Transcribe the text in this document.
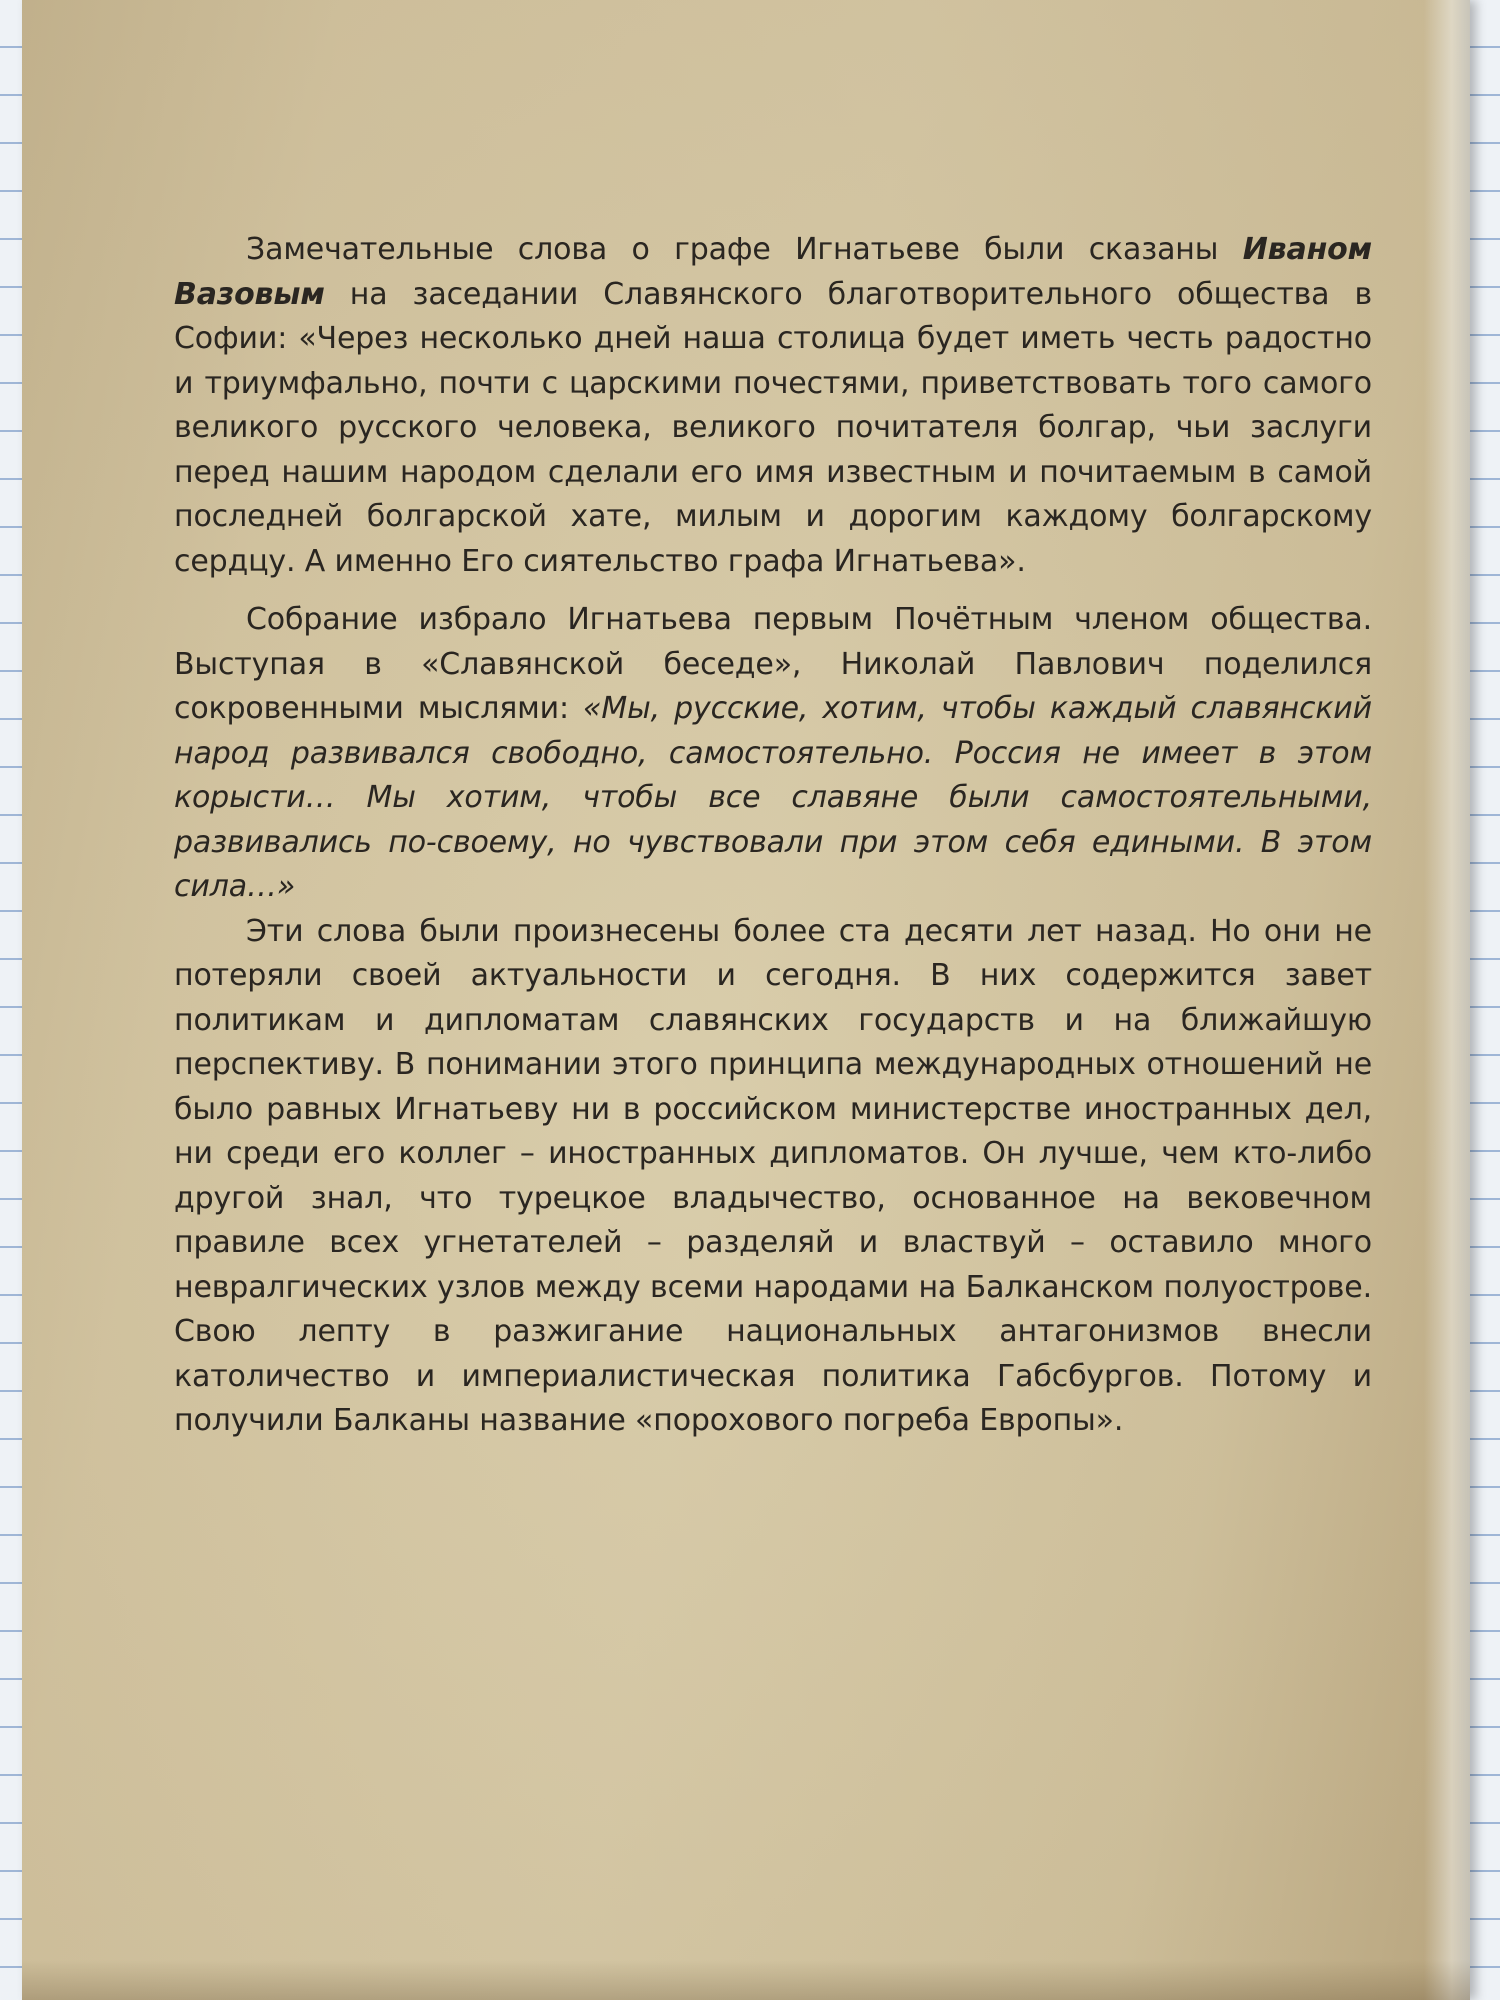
Замечательные слова о графе Игнатьеве были сказаны Иваном Вазовым на заседании Славянского благотворительного общества в Софии: «Через несколько дней наша столица будет иметь честь радостно и триумфально, почти с царскими почестями, приветствовать того самого великого русского человека, великого почитателя болгар, чьи заслуги перед нашим народом сделали его имя известным и почитаемым в самой последней болгарской хате, милым и дорогим каждому болгарскому сердцу. А именно Его сиятельство графа Игнатьева».

Собрание избрало Игнатьева первым Почётным членом общества. Выступая в «Славянской беседе», Николай Павлович поделился сокровенными мыслями: «Мы, русские, хотим, чтобы каждый славянский народ развивался свободно, самостоятельно. Россия не имеет в этом корысти… Мы хотим, чтобы все славяне были самостоятельными, развивались по-своему, но чувствовали при этом себя едиными. В этом сила…»

Эти слова были произнесены более ста десяти лет назад. Но они не потеряли своей актуальности и сегодня. В них содержится завет политикам и дипломатам славянских государств и на ближайшую перспективу. В понимании этого принципа международных отношений не было равных Игнатьеву ни в российском министерстве иностранных дел, ни среди его коллег – иностранных дипломатов. Он лучше, чем кто-либо другой знал, что турецкое владычество, основанное на вековечном правиле всех угнетателей – разделяй и властвуй – оставило много невралгических узлов между всеми народами на Балканском полуострове. Свою лепту в разжигание национальных антагонизмов внесли католичество и империалистическая политика Габсбургов. Потому и получили Балканы название «порохового погреба Европы».
